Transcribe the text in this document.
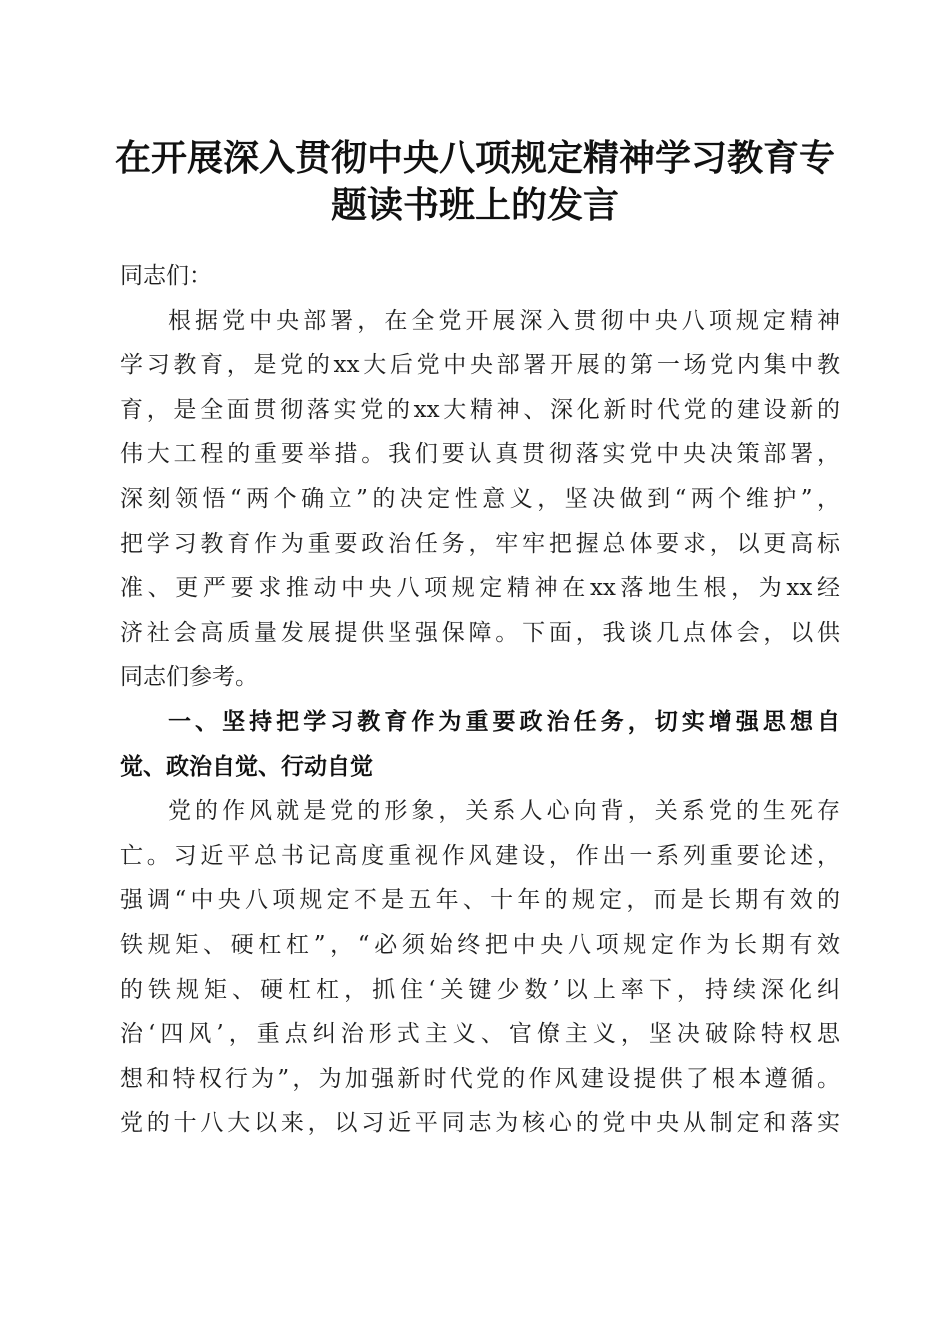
在开展深入贯彻中央八项规定精神学习教育专
题读书班上的发言
同志们：
根据党中央部署，在全党开展深入贯彻中央八项规定精神
学习教育，是党的xx大后党中央部署开展的第一场党内集中教
育，是全面贯彻落实党的xx大精神、深化新时代党的建设新的
伟大工程的重要举措。我们要认真贯彻落实党中央决策部署，
深刻领悟“两个确立”的决定性意义，坚决做到“两个维护”，
把学习教育作为重要政治任务，牢牢把握总体要求，以更高标
准、更严要求推动中央八项规定精神在xx落地生根，为xx经
济社会高质量发展提供坚强保障。下面，我谈几点体会，以供
同志们参考。
一、坚持把学习教育作为重要政治任务，切实增强思想自
觉、政治自觉、行动自觉
党的作风就是党的形象，关系人心向背，关系党的生死存
亡。习近平总书记高度重视作风建设，作出一系列重要论述，
强调“中央八项规定不是五年、十年的规定，而是长期有效的
铁规矩、硬杠杠”，“必须始终把中央八项规定作为长期有效
的铁规矩、硬杠杠，抓住‘关键少数’以上率下，持续深化纠
治‘四风’，重点纠治形式主义、官僚主义，坚决破除特权思
想和特权行为”，为加强新时代党的作风建设提供了根本遵循。
党的十八大以来，以习近平同志为核心的党中央从制定和落实
